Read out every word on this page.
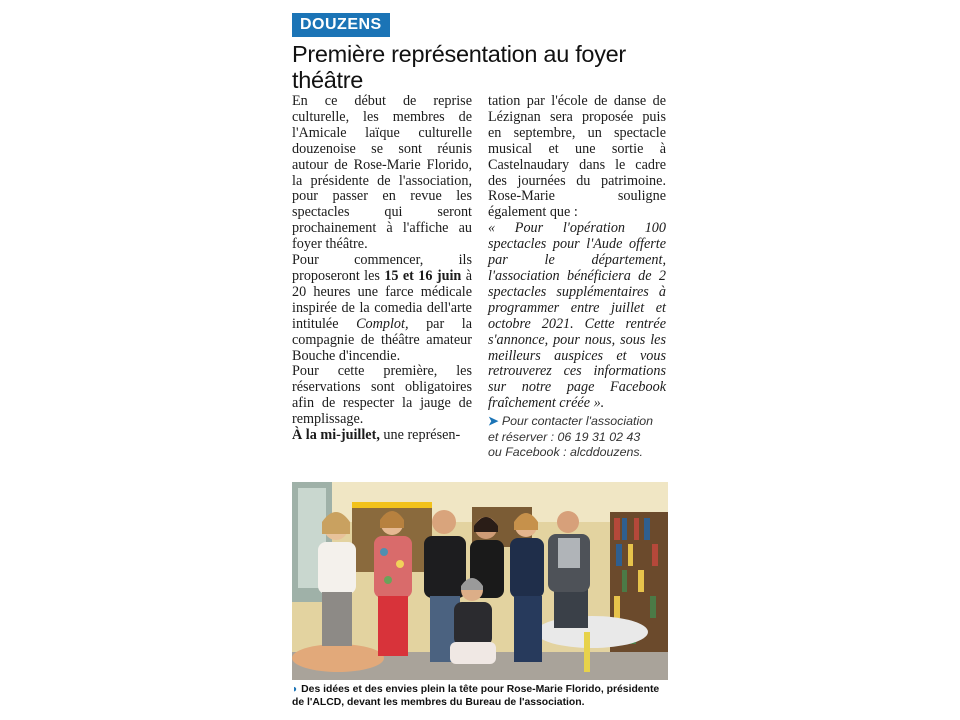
DOUZENS
Première représentation au foyer théâtre

En ce début de reprise culturelle, les membres de l'Amicale laïque culturelle douzenoise se sont réunis autour de Rose-Marie Florido, la présidente de l'association, pour passer en revue les spectacles qui seront prochainement à l'affiche au foyer théâtre.

Pour commencer, ils proposeront les 15 et 16 juin à 20 heures une farce médicale inspirée de la comedia dell'arte intitulée Complot, par la compagnie de théâtre amateur Bouche d'incendie.

Pour cette première, les réservations sont obligatoires afin de respecter la jauge de remplissage.

À la mi-juillet, une représen-

tation par l'école de danse de Lézignan sera proposée puis en septembre, un spectacle musical et une sortie à Castelnaudary dans le cadre des journées du patrimoine. Rose-Marie souligne également que :

« Pour l'opération 100 spectacles pour l'Aude offerte par le département, l'association bénéficiera de 2 spectacles supplémentaires à programmer entre juillet et octobre 2021. Cette rentrée s'annonce, pour nous, sous les meilleurs auspices et vous retrouverez ces informations sur notre page Facebook fraîchement créée ».

➤ Pour contacter l'association
et réserver : 06 19 31 02 43
ou Facebook : alcddouzens.
◗ Des idées et des envies plein la tête pour Rose-Marie Florido, présidente de l'ALCD, devant les membres du Bureau de l'association.
